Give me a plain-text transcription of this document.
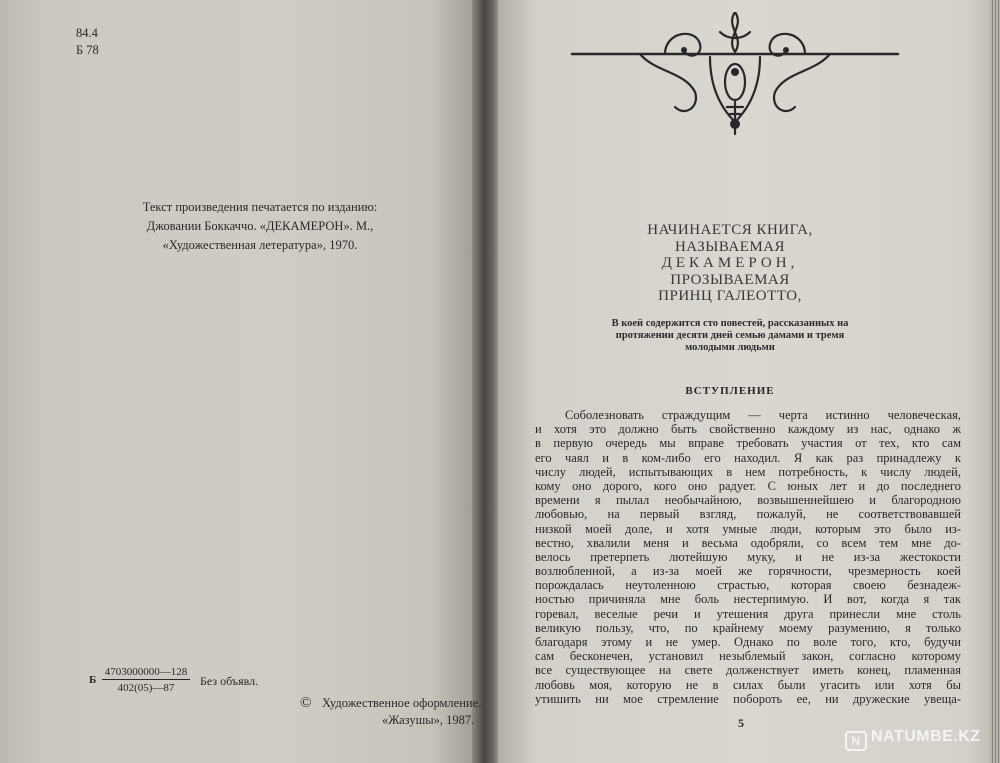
84.4
Б 78
Текст произведения печатается по изданию:
Джовании Боккаччо. «ДЕКАМЕРОН». М.,
«Художественная летература», 1970.
Б
4703000000—128
402(05)—87	Без объявл.
© Художественное оформление.
«Жазушы», 1987.
НАЧИНАЕТСЯ КНИГА,
НАЗЫВАЕМАЯ
ДЕКАМЕРОН,
ПРОЗЫВАЕМАЯ
ПРИНЦ ГАЛЕОТТО,
В коей содержится сто повестей, рассказанных на
протяжении десяти дней семью дамами и тремя
молодыми людьми
ВСТУПЛЕНИЕ
Соболезновать страждущим — черта истинно человеческая,
и хотя это должно быть свойственно каждому из нас, однако ж
в первую очередь мы вправе требовать участия от тех, кто сам
его чаял и в ком-либо его находил. Я как раз принадлежу к
числу людей, испытывающих в нем потребность, к числу людей,
кому оно дорого, кого оно радует. С юных лет и до последнего
времени я пылал необычайною, возвышеннейшею и благородною
любовью, на первый взгляд, пожалуй, не соответствовавшей
низкой моей доле, и хотя умные люди, которым это было из-
вестно, хвалили меня и весьма одобряли, со всем тем мне до-
велось претерпеть лютейшую муку, и не из-за жестокости
возлюбленной, а из-за моей же горячности, чрезмерность коей
порождалась неутоленною страстью, которая своею безнадеж-
ностью причиняла мне боль нестерпимую. И вот, когда я так
горевал, веселые речи и утешения друга принесли мне столь
великую пользу, что, по крайнему моему разумению, я только
благодаря этому и не умер. Однако по воле того, кто, будучи
сам бесконечен, установил незыблемый закон, согласно которому
все существующее на свете долженствует иметь конец, пламенная
любовь моя, которую не в силах были угасить или хотя бы
утишить ни мое стремление побороть ее, ни дружеские увеща-
5
N NATUMBE.KZ
